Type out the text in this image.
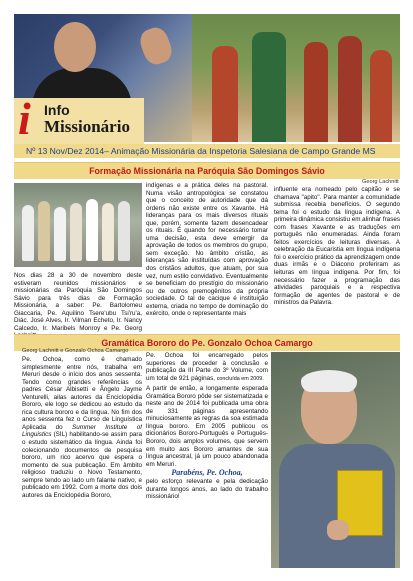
i Info
Missionário
Nº 13 Nov/Dez 2014– Animação Missionária da Inspetoria Salesiana de Campo Grande MS
Formação Missionária na Paróquia São Domingos Sávio
Georg Lachnitt

Nos dias 28 a 30 de novembro deste estiveram reunidos missionários e missionárias da Paróquia São Domingos Sávio para três dias de Formação Missionária, a saber: Pe. Bartolomeu Giaccaria, Pe. Aquilino Tsere'ubu Tsi'ru'a, Diác. José Alves, Ir. Vilman Echeto, Ir. Nancy Calcedo, Ir. Maribels Monroy e Pe. Georg

indígenas e a prática deles na pastoral. Numa visão antropológica se constatou que o conceito de autoridade que dá ordens não existe entre os Xavante. Há lideranças para os mais diversos rituais que, porém, somente fazem desencadear os rituais. É quando for necessário tomar uma decisão, esta deve emergir da aprovação de todos os membros do grupo, sem exceção. No âmbito cristão, as lideranças são instituídas com aprovação dos cristãos adultos, que atuam, por sua vez, num estilo convidativo. Eventualmente se beneficiam do prestígio do missionário ou de outros premogênitos da própria sociedade. O tal de cacique é instituição externa, criada no tempo de dominação do exército, onde o representante mais

influente era nomeado pelo capitão e se chamava "apito". Para manter a comunidade submissa recebia benefícios. O segundo tema foi o estudo da língua indígena. A primeira dinâmica consistiu em alinhar frases com frases Xavante e as traduções em português não enumeradas. Ainda foram feitos exercícios de leituras diversas. A celebração da Eucaristia em língua indígena foi o exercício prático da aprendizagem onde duas irmãs e o Diácono proferiram as leituras em língua indígena. Por fim, foi necessário fazer a programação das atividades paroquiais e a respectiva formação de agentes de pastoral e de ministros da Palavra.

Gramática Bororo do Pe. Gonzalo Ochoa Camargo
Georg Lachnitt e Gonzalo Ochoa Camargo

Pe. Ochoa, como é chamado simplesmente entre nós, trabalha em Meruri desde o início dos anos sessenta. Tendo como grandes referências os padres César Albisetti e Ângelo Jayme Venturelli, ailas autores da Enciclopédia Bororo, ele logo se dedicou ao estudo da rica cultura bororo e da língua. No fim dos anos sessenta fez o Curso de Linguística Aplicada do Summer Institute of Linguistics (SIL) habilitando-se assim para o estudo sistemático da língua. Ainda foi colecionando documentos de pesquisa bororo, um rico acervo que espera o momento de sua publicação. Em âmbito religioso traduziu o Novo Testamento, sempre tendo ao lado um falante nativo, e publicado em 1992. Com a morte dos dois autores da Enciclopédia Bororo,

Pe. Ochoa foi encarregado pelos superiores de proceder à conclusão e publicação da III Parte do 3º Volume, com um total de 921 páginas, concluída em 2009.

A partir de então, a longamente esperada Gramática Bororo pôde ser sistematizada e neste ano de 2014 foi publicada uma obra de 331 páginas apresentando minuciosamente as regras da soa estimada língua bororo. Em 2005 publicou os dicionários Bororo-Português e Português-Bororo, dois amplos volumes, que servem em muito aos Bororo amantes de sua língua ancestral, já um pouco abandonada em Meruri.

Parabéns, Pe. Ochoa,

pelo esforço relevante e pela dedicação durante longos anos, ao lado do trabalho missionário!
